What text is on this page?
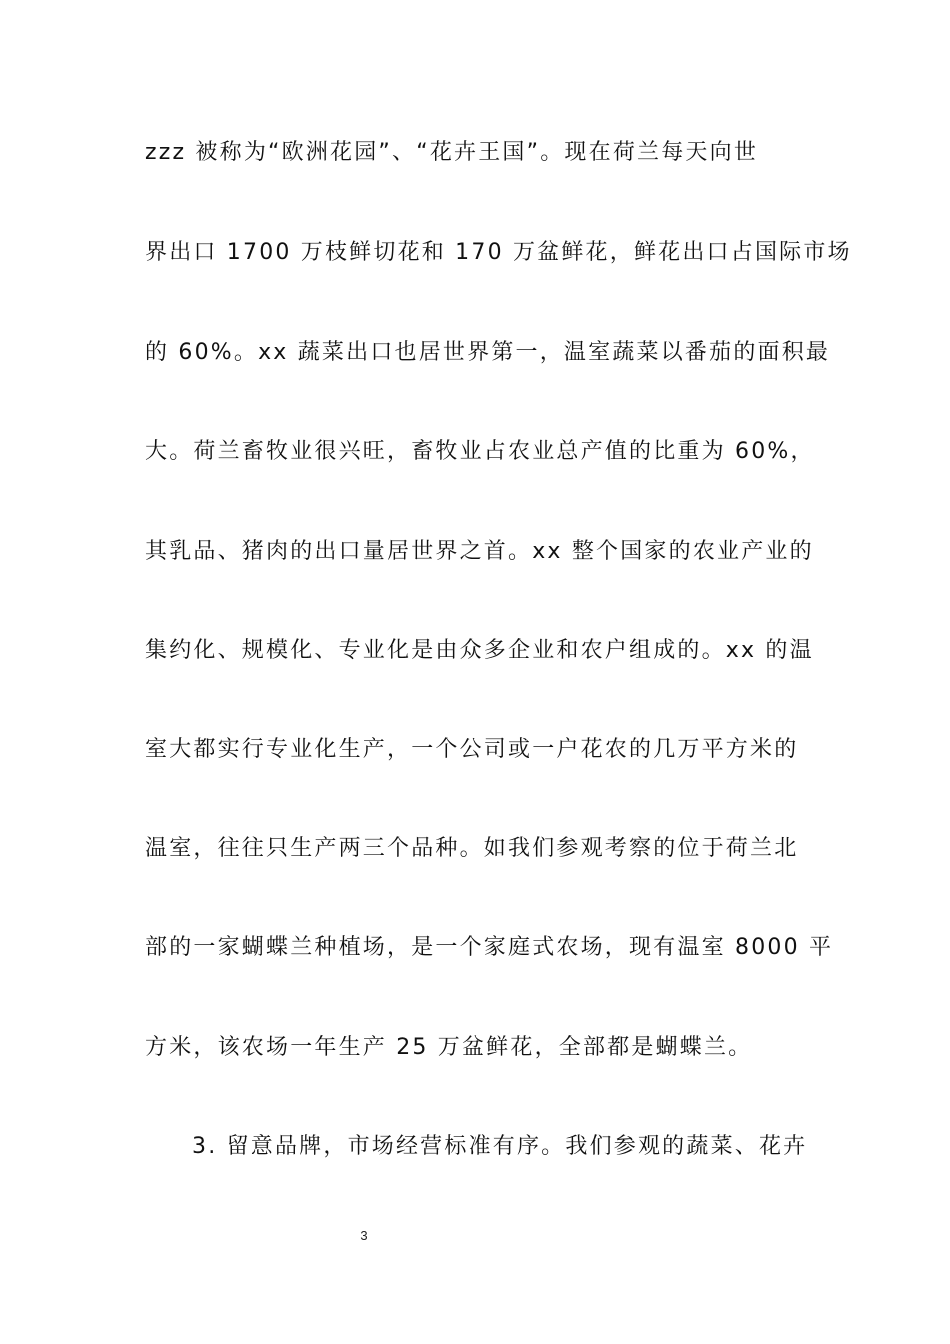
zzz 被称为“欧洲花园”、“花卉王国”。现在荷兰每天向世
界出口 1700 万枝鲜切花和 170 万盆鲜花，鲜花出口占国际市场
的 60%。xx 蔬菜出口也居世界第一，温室蔬菜以番茄的面积最
大。荷兰畜牧业很兴旺，畜牧业占农业总产值的比重为 60%，
其乳品、猪肉的出口量居世界之首。xx 整个国家的农业产业的
集约化、规模化、专业化是由众多企业和农户组成的。xx 的温
室大都实行专业化生产，一个公司或一户花农的几万平方米的
温室，往往只生产两三个品种。如我们参观考察的位于荷兰北
部的一家蝴蝶兰种植场，是一个家庭式农场，现有温室 8000 平
方米，该农场一年生产 25 万盆鲜花，全部都是蝴蝶兰。
3. 留意品牌，市场经营标准有序。我们参观的蔬菜、花卉
3
